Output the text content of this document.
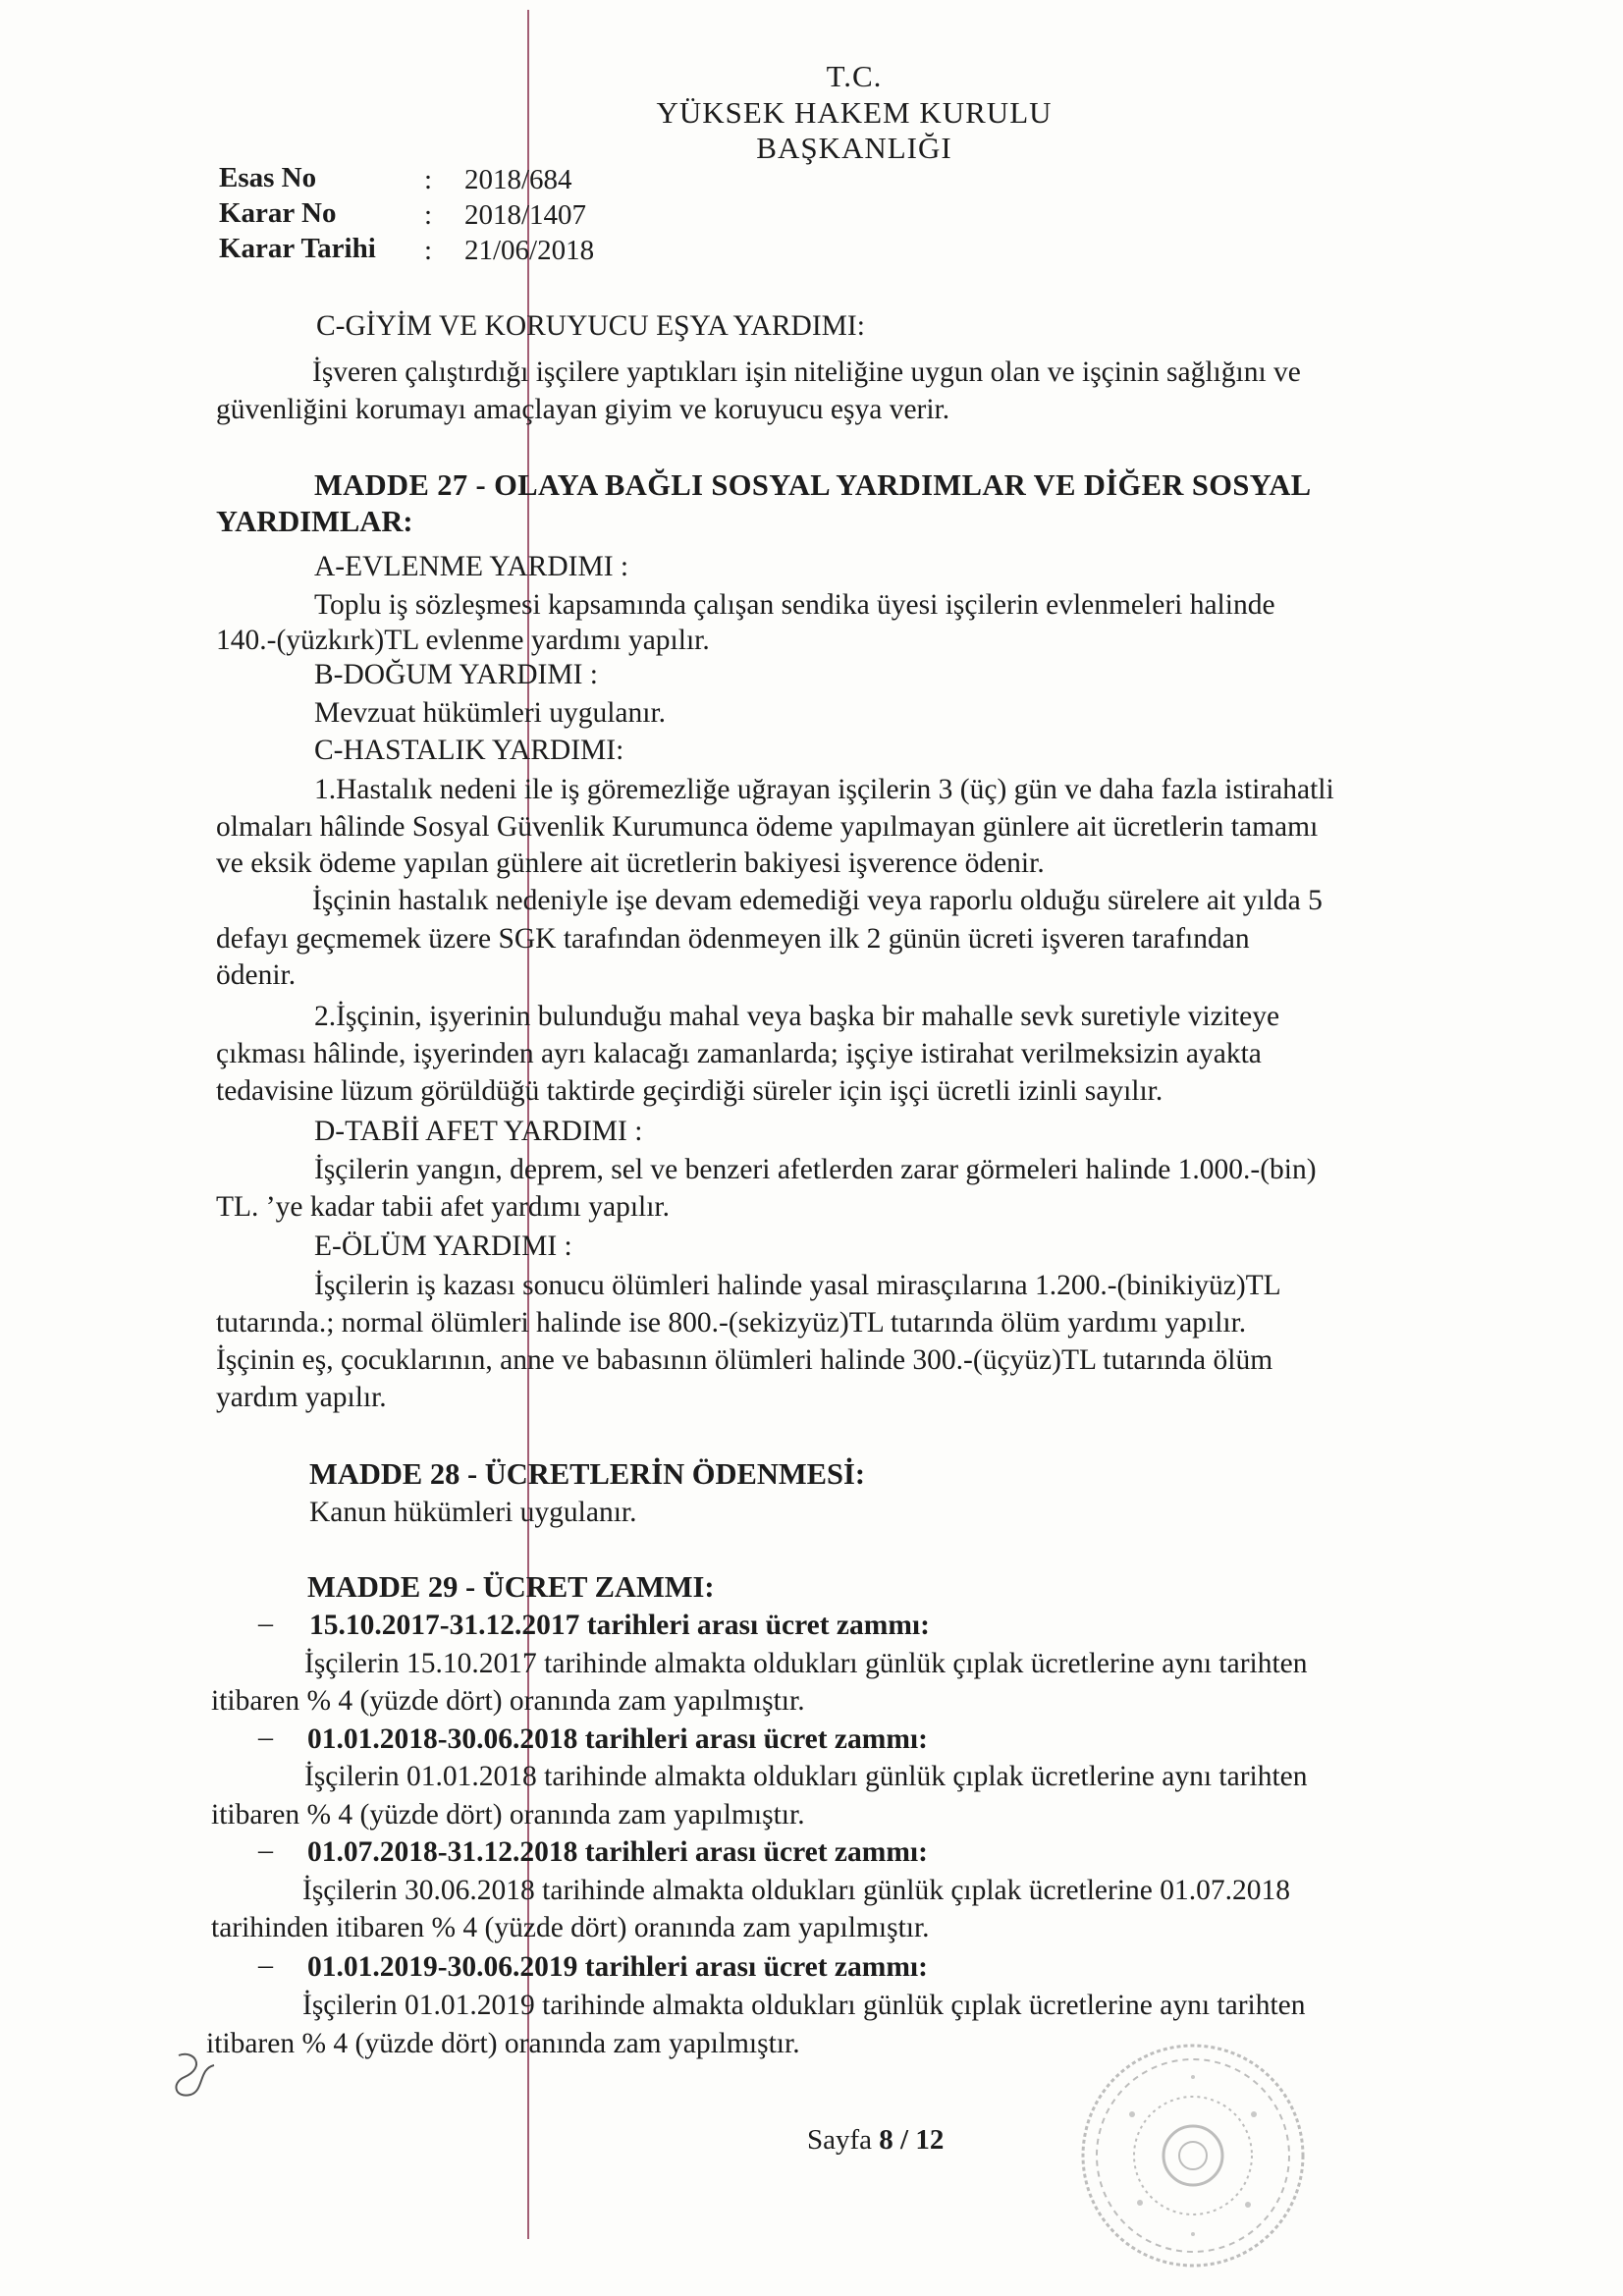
T.C.
YÜKSEK HAKEM KURULU
BAŞKANLIĞI
Esas No	: 2018/684
Karar No	: 2018/1407
Karar Tarihi : 21/06/2018
C-GİYİM VE KORUYUCU EŞYA YARDIMI:
İşveren çalıştırdığı işçilere yaptıkları işin niteliğine uygun olan ve işçinin sağlığını ve
güvenliğini korumayı amaçlayan giyim ve koruyucu eşya verir.
MADDE 27 - OLAYA BAĞLI SOSYAL YARDIMLAR VE DİĞER SOSYAL
YARDIMLAR:
A-EVLENME YARDIMI :
Toplu iş sözleşmesi kapsamında çalışan sendika üyesi işçilerin evlenmeleri halinde
140.-(yüzkırk)TL evlenme yardımı yapılır.
B-DOĞUM YARDIMI :
Mevzuat hükümleri uygulanır.
C-HASTALIK YARDIMI:
1.Hastalık nedeni ile iş göremezliğe uğrayan işçilerin 3 (üç) gün ve daha fazla istirahatli
olmaları hâlinde Sosyal Güvenlik Kurumunca ödeme yapılmayan günlere ait ücretlerin tamamı
ve eksik ödeme yapılan günlere ait ücretlerin bakiyesi işverence ödenir.
İşçinin hastalık nedeniyle işe devam edemediği veya raporlu olduğu sürelere ait yılda 5
defayı geçmemek üzere SGK tarafından ödenmeyen ilk 2 günün ücreti işveren tarafından
ödenir.
2.İşçinin, işyerinin bulunduğu mahal veya başka bir mahalle sevk suretiyle viziteye
çıkması hâlinde, işyerinden ayrı kalacağı zamanlarda; işçiye istirahat verilmeksizin ayakta
tedavisine lüzum görüldüğü taktirde geçirdiği süreler için işçi ücretli izinli sayılır.
D-TABİİ AFET YARDIMI :
İşçilerin yangın, deprem, sel ve benzeri afetlerden zarar görmeleri halinde 1.000.-(bin)
TL. ’ye kadar tabii afet yardımı yapılır.
E-ÖLÜM YARDIMI :
İşçilerin iş kazası sonucu ölümleri halinde yasal mirasçılarına 1.200.-(binikiyüz)TL
tutarında.; normal ölümleri halinde ise 800.-(sekizyüz)TL tutarında ölüm yardımı yapılır.
İşçinin eş, çocuklarının, anne ve babasının ölümleri halinde 300.-(üçyüz)TL tutarında ölüm
yardım yapılır.
MADDE 28 - ÜCRETLERİN ÖDENMESİ:
Kanun hükümleri uygulanır.
MADDE 29 - ÜCRET ZAMMI:
– 15.10.2017-31.12.2017 tarihleri arası ücret zammı:
İşçilerin 15.10.2017 tarihinde almakta oldukları günlük çıplak ücretlerine aynı tarihten
itibaren % 4 (yüzde dört) oranında zam yapılmıştır.
– 01.01.2018-30.06.2018 tarihleri arası ücret zammı:
İşçilerin 01.01.2018 tarihinde almakta oldukları günlük çıplak ücretlerine aynı tarihten
itibaren % 4 (yüzde dört) oranında zam yapılmıştır.
– 01.07.2018-31.12.2018 tarihleri arası ücret zammı:
İşçilerin 30.06.2018 tarihinde almakta oldukları günlük çıplak ücretlerine 01.07.2018
tarihinden itibaren % 4 (yüzde dört) oranında zam yapılmıştır.
– 01.01.2019-30.06.2019 tarihleri arası ücret zammı:
İşçilerin 01.01.2019 tarihinde almakta oldukları günlük çıplak ücretlerine aynı tarihten
itibaren % 4 (yüzde dört) oranında zam yapılmıştır.
Sayfa 8 / 12
